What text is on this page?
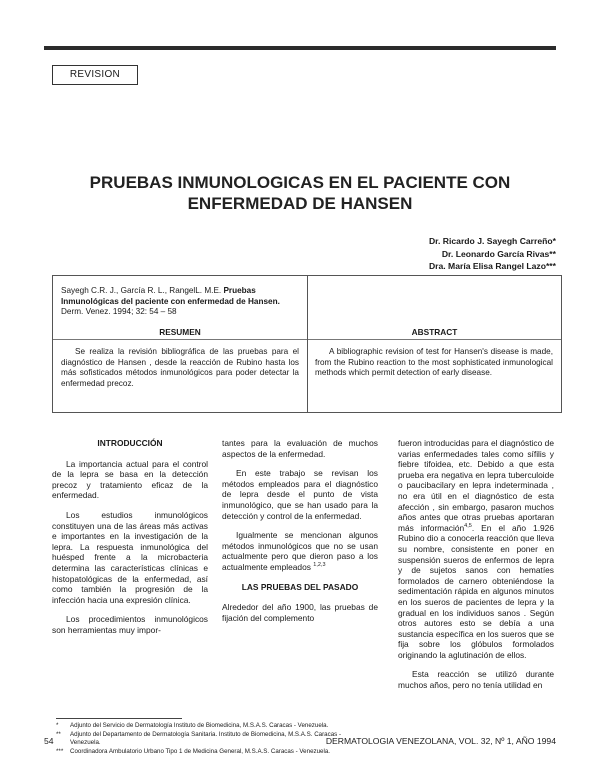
REVISION
PRUEBAS INMUNOLOGICAS EN EL PACIENTE CON ENFERMEDAD DE HANSEN
Dr. Ricardo J. Sayegh Carreño*
Dr. Leonardo García Rivas**
Dra. María Elisa Rangel Lazo***
Sayegh C.R. J., García R. L., RangelL. M.E. Pruebas Inmunológicas del paciente con enfermedad de Hansen. Derm. Venez. 1994; 32: 54 – 58
RESUMEN	ABSTRACT
Se realiza la revisión bibliográfica de las pruebas para el diagnóstico de Hansen , desde la reacción de Rubino hasta los más sofisticados métodos inmunológicos para poder detectar la enfermedad precoz.
A bibliographic revision of test for Hansen's disease is made, from the Rubino reaction to the most sophisticated inmunological methods which permit detection of early disease.
INTRODUCCIÓN

La importancia actual para el control de la lepra se basa en la detección precoz y tratamiento eficaz de la enfermedad.

Los estudios inmunológicos constituyen una de las áreas más activas e importantes en la investigación de la lepra. La respuesta inmunológica del huésped frente a la microbacteria determina las características clínicas e histopatológicas de la enfermedad, así como también la progresión de la infección hacia una expresión clínica.

Los procedimientos inmunológicos son herramientas muy impor-

tantes para la evaluación de muchos aspectos de la enfermedad.

En este trabajo se revisan los métodos empleados para el diagnóstico de lepra desde el punto de vista inmunológico, que se han usado para la detección y control de la enfermedad.

Igualmente se mencionan algunos métodos inmunológicos que no se usan actualmente pero que dieron paso a los actualmente empleados $^{1,2,3}$

LAS PRUEBAS DEL PASADO

Alrededor del año 1900, las pruebas de fijación del complemento

fueron introducidas para el diagnóstico de varias enfermedades tales como sífilis y fiebre tifoidea, etc. Debido a que esta prueba era negativa en lepra tuberculoide o paucibacilary en lepra indeterminada , no era útil en el diagnóstico de esta afección , sin embargo, pasaron muchos años antes que otras pruebas aportaran más información$^{4,5}$. En el año 1.926 Rubino dio a conocerla reacción que lleva su nombre, consistente en poner en suspensión sueros de enfermos de lepra y de sujetos sanos con hematíes formolados de carnero obteniéndose la sedimentación rápida en algunos minutos en los sueros de pacientes de lepra y la gradual en los individuos sanos . Según otros autores esto se debía a una sustancia específica en los sueros que se fija sobre los glóbulos formolados originando la aglutinación de ellos.

Esta reacción se utilizó durante muchos años, pero no tenía utilidad en

*	Adjunto del Servicio de Dermatología Instituto de Biomedicina, M.S.A.S. Caracas - Venezuela.
**	Adjunto del Departamento de Dermatología Sanitaria. Instituto de Biomedicina, M.S.A.S. Caracas - Venezuela.
***	Coordinadora Ambulatorio Urbano Tipo 1 de Medicina General, M.S.A.S. Caracas - Venezuela.
54	DERMATOLOGIA VENEZOLANA, VOL. 32, Nº 1, AÑO 1994
